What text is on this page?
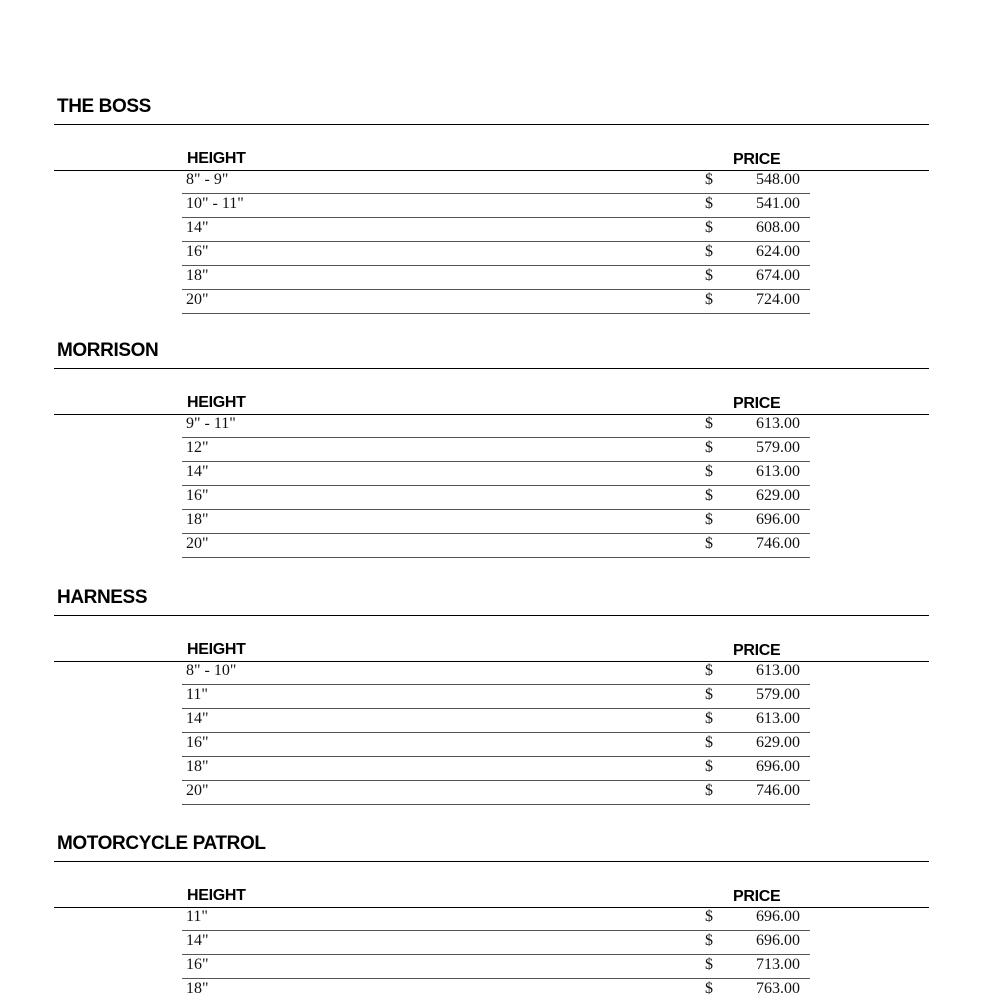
THE BOSS
HEIGHT	PRICE
8" - 9"	$	548.00
10" - 11"	$	541.00
14"	$	608.00
16"	$	624.00
18"	$	674.00
20"	$	724.00
MORRISON
HEIGHT	PRICE
9" - 11"	$	613.00
12"	$	579.00
14"	$	613.00
16"	$	629.00
18"	$	696.00
20"	$	746.00
HARNESS
HEIGHT	PRICE
8" - 10"	$	613.00
11"	$	579.00
14"	$	613.00
16"	$	629.00
18"	$	696.00
20"	$	746.00
MOTORCYCLE PATROL
HEIGHT	PRICE
11"	$	696.00
14"	$	696.00
16"	$	713.00
18"	$	763.00
